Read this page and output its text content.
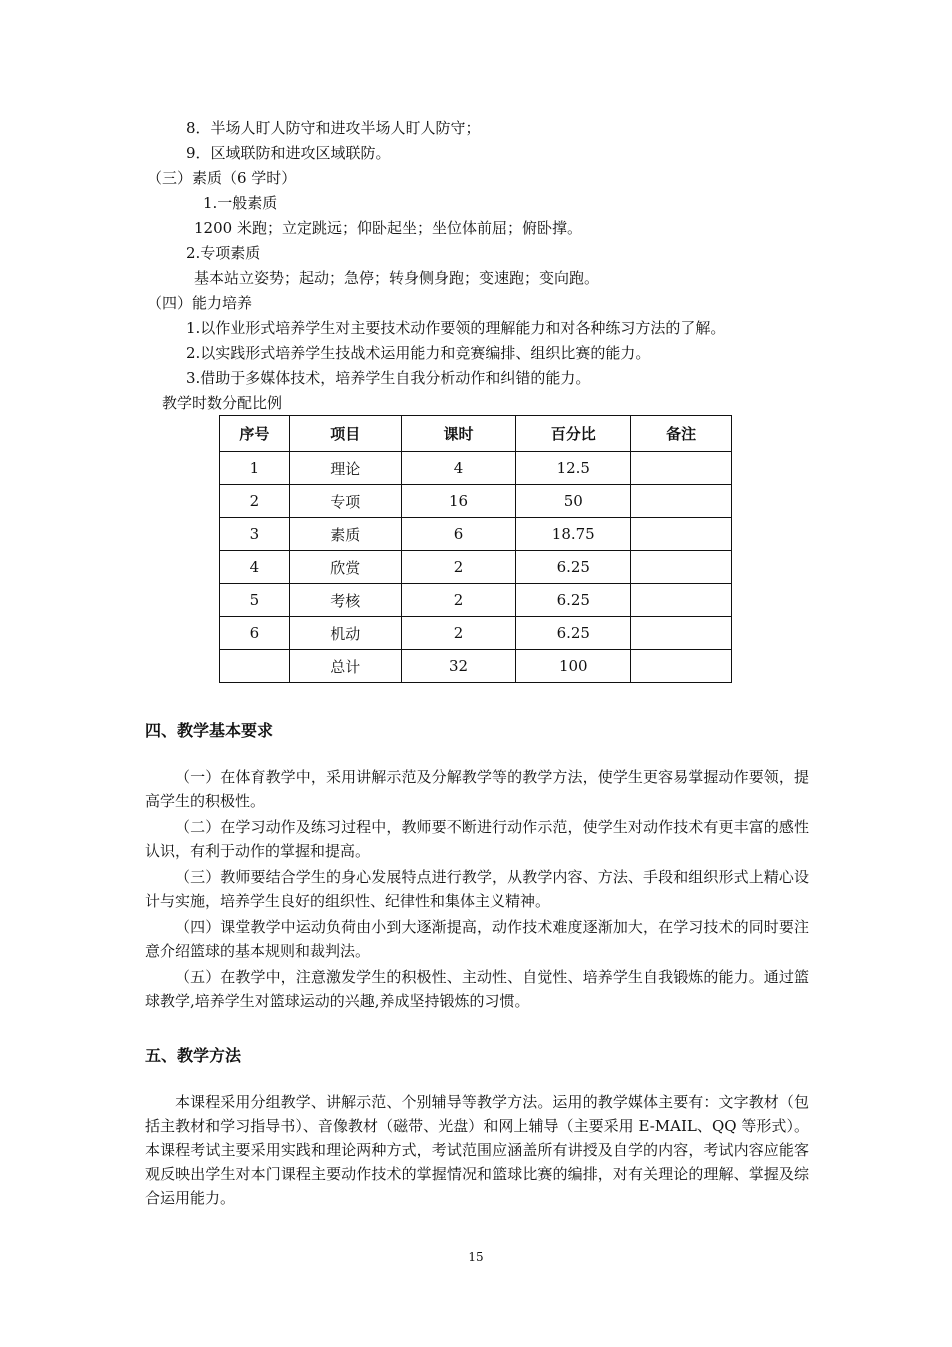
8．半场人盯人防守和进攻半场人盯人防守；
9．区域联防和进攻区域联防。
（三）素质（6 学时）
1.一般素质
1200 米跑；立定跳远；仰卧起坐；坐位体前屈；俯卧撑。
2.专项素质
基本站立姿势；起动；急停；转身侧身跑；变速跑；变向跑。
（四）能力培养
1.以作业形式培养学生对主要技术动作要领的理解能力和对各种练习方法的了解。
2.以实践形式培养学生技战术运用能力和竞赛编排、组织比赛的能力。
3.借助于多媒体技术，培养学生自我分析动作和纠错的能力。
教学时数分配比例
序号	项目	课时	百分比	备注
1	理论	4	12.5	
2	专项	16	50	
3	素质	6	18.75	
4	欣赏	2	6.25	
5	考核	2	6.25	
6	机动	2	6.25	
	总计	32	100	
四、教学基本要求
（一）在体育教学中，采用讲解示范及分解教学等的教学方法，使学生更容易掌握动作要领，提高学生的积极性。
（二）在学习动作及练习过程中，教师要不断进行动作示范，使学生对动作技术有更丰富的感性认识，有利于动作的掌握和提高。
（三）教师要结合学生的身心发展特点进行教学，从教学内容、方法、手段和组织形式上精心设计与实施，培养学生良好的组织性、纪律性和集体主义精神。
（四）课堂教学中运动负荷由小到大逐渐提高，动作技术难度逐渐加大，在学习技术的同时要注意介绍篮球的基本规则和裁判法。
（五）在教学中，注意激发学生的积极性、主动性、自觉性、培养学生自我锻炼的能力。通过篮球教学,培养学生对篮球运动的兴趣,养成坚持锻炼的习惯。
五、教学方法
本课程采用分组教学、讲解示范、个别辅导等教学方法。运用的教学媒体主要有：文字教材（包括主教材和学习指导书）、音像教材（磁带、光盘）和网上辅导（主要采用 E-MAIL、QQ 等形式）。本课程考试主要采用实践和理论两种方式，考试范围应涵盖所有讲授及自学的内容，考试内容应能客观反映出学生对本门课程主要动作技术的掌握情况和篮球比赛的编排，对有关理论的理解、掌握及综合运用能力。
15
